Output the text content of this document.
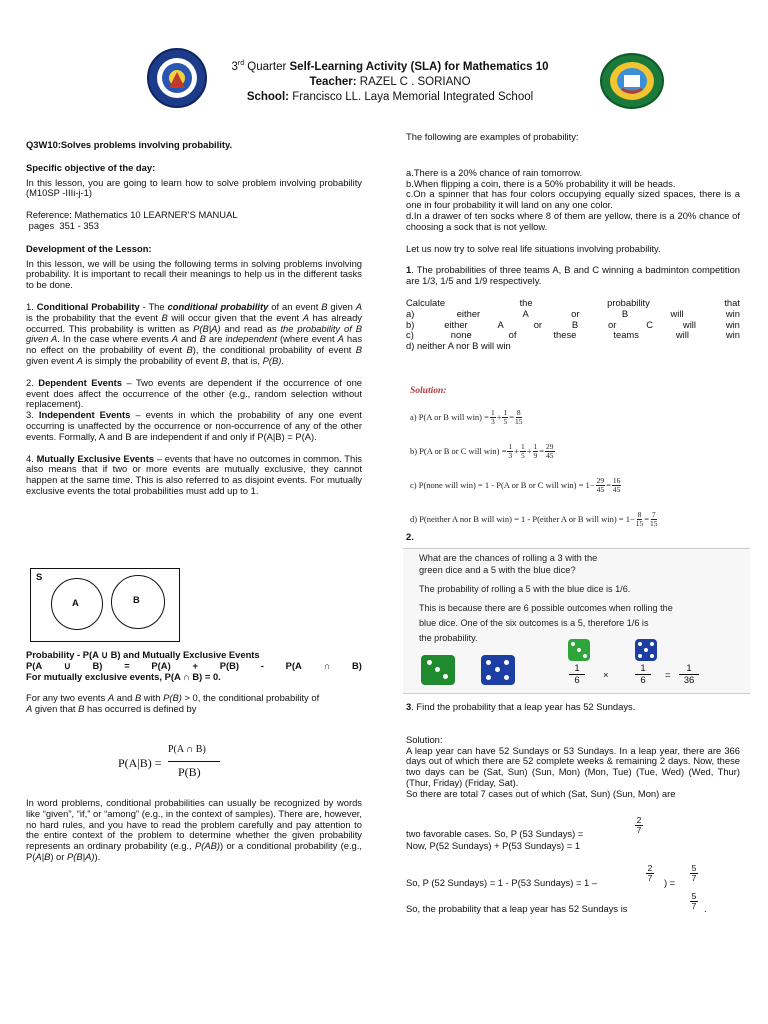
3rd Quarter Self-Learning Activity (SLA) for Mathematics 10
Teacher: RAZEL C . SORIANO
School: Francisco LL. Laya Memorial Integrated School

Q3W10:Solves problems involving probability.

Specific objective of the day:

In this lesson, you are going to learn how to solve problem involving probability (M10SP -IIIi-j-1)

Reference: Mathematics 10 LEARNER’S MANUAL

pages  351 - 353

Development of the Lesson:

In this lesson, we will be using the following terms in solving problems involving probability. It is important to recall their meanings to help us in the different tasks to be done.

1. Conditional Probability - The conditional probability of an event B given A is the probability that the event B will occur given that the event A has already occurred. This probability is written as P(B|A) and read as the probability of B given A. In the case where events A and B are independent (where event A has no effect on the probability of event B), the conditional probability of event B given event A is simply the probability of event B, that is, P(B).

2. Dependent Events – Two events are dependent if the occurrence of one event does affect the occurrence of the other (e.g., random selection without replacement).

3. Independent Events – events in which the probability of any one event occurring is unaffected by the occurrence or non-occurrence of any of the other events. Formally, A and B are independent if and only if P(A|B) = P(A).

4. Mutually Exclusive Events – events that have no outcomes in common. This also means that if two or more events are mutually exclusive, they cannot happen at the same time. This is also referred to as disjoint events. For mutually exclusive events the total probabilities must add up to 1.

S
A	B

Probability - P(A ∪ B) and Mutually Exclusive Events

P(A ∪ B) = P(A) + P(B) - P(A ∩ B)

For mutually exclusive events, P(A ∩ B) = 0.

For any two events A and B with P(B) > 0, the conditional probability of

A given that B has occurred is defined by

P(A|B) =
P(A ∩ B)
P(B)

In word problems, conditional probabilities can usually be recognized by words like “given”, “if,” or “among” (e.g., in the context of samples). There are, however, no hard rules, and you have to read the problem carefully and pay attention to the entire context of the problem to determine whether the given probability represents an ordinary probability (e.g., P(AB)) or a conditional probability (e.g., P(A|B) or P(B|A)).

The following are examples of probability:

a.There is a 20% chance of rain tomorrow.

b.When flipping a coin, there is a 50% probability it will be heads.

c.On a spinner that has four colors occupying equally sized spaces, there is a one in four probability it will land on any one color.

d.In a drawer of ten socks where 8 of them are yellow, there is a 20% chance of choosing a sock that is not yellow.

Let us now try to solve real life situations involving probability.

1. The probabilities of three teams A, B and C winning a badminton competition are 1/3, 1/5 and 1/9 respectively.

Calculate	the	probability	that

a)	either	A	or	B	will	win

b)	either	A	or	B	or	C	will	win

c)	none	of	these	teams	will	win

d) neither A nor B will win

Solution:
a) P(A or B will $win) = \frac{1}{3} + \frac{1}{5} = \frac{8}{15}$
b) P(A or B or C will $win) = \frac{1}{3} + \frac{1}{5} + \frac{1}{9} = \frac{29}{45}$
c) P(none will win) = 1 - P(A or B or C will $win) = 1- \frac{29}{45} = \frac{16}{45}$
d) P(neither A nor B will win) = 1 - P(either A or B will $win) = 1- \frac{8}{15} = \frac{7}{15}$
2.
What are the chances of rolling a 3 with the
green dice and a 5 with the blue dice?
The probability of rolling a 5 with the blue dice is 1/6.
This is because there are 6 possible outcomes when rolling the
blue dice. One of the six outcomes is a 5, therefore 1/6 is
the probability.
1
6	×
1
6	=
1
36

3. Find the probability that a leap year has 52 Sundays.

Solution:

A leap year can have 52 Sundays or 53 Sundays. In a leap year, there are 366 days out of which there are 52 complete weeks & remaining 2 days. Now, these two days can be (Sat, Sun) (Sun, Mon) (Mon, Tue) (Tue, Wed) (Wed, Thur) (Thur, Friday) (Friday, Sat).

So there are total 7 cases out of which (Sat, Sun) (Sun, Mon) are

two favorable cases. So, P (53 Sundays) =
2
7

Now, P(52 Sundays) + P(53 Sundays) = 1

So, P (52 Sundays) = 1 - P(53 Sundays) = 1 –
2
7 ) =
5
7
So, the probability that a leap year has 52 Sundays is
5
7 .
